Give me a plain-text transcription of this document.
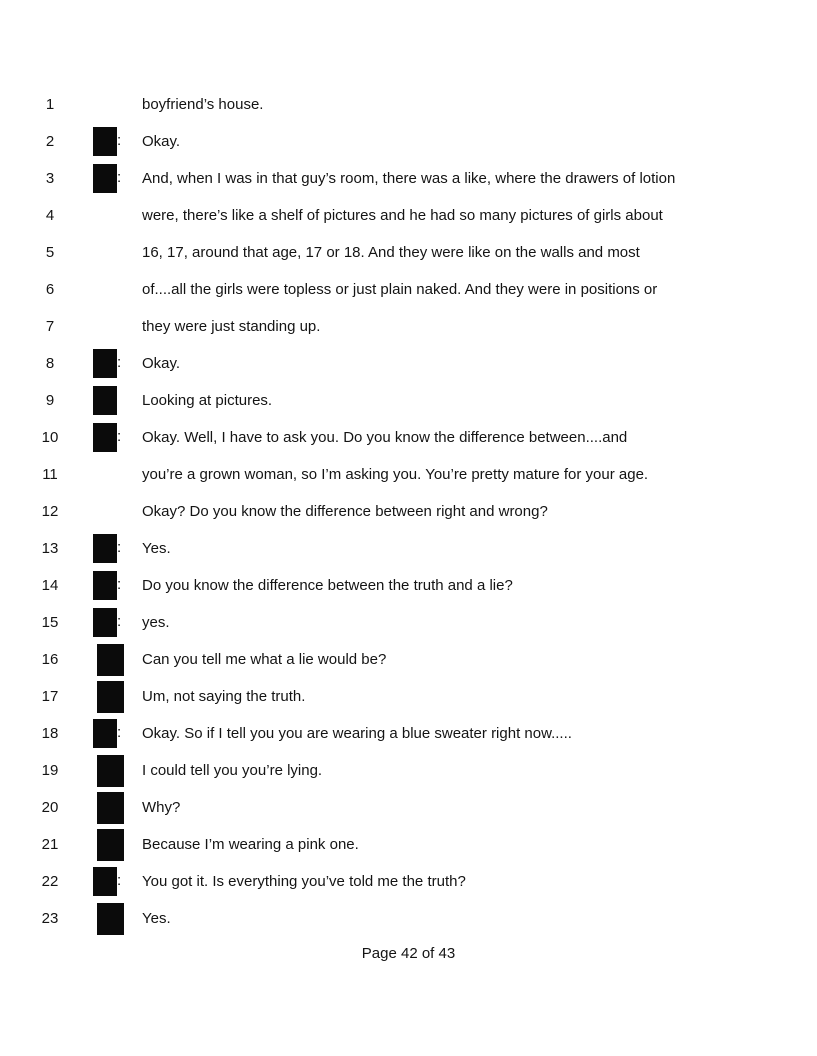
1	boyfriend’s house.
2	: Okay.
3	: And, when I was in that guy’s room, there was a like, where the drawers of lotion
4	were, there’s like a shelf of pictures and he had so many pictures of girls about
5	16, 17, around that age, 17 or 18. And they were like on the walls and most
6	of....all the girls were topless or just plain naked. And they were in positions or
7	they were just standing up.
8	: Okay.
9	Looking at pictures.
10	: Okay. Well, I have to ask you. Do you know the difference between....and
11	you’re a grown woman, so I’m asking you. You’re pretty mature for your age.
12	Okay? Do you know the difference between right and wrong?
13	: Yes.
14	: Do you know the difference between the truth and a lie?
15	: yes.
16	Can you tell me what a lie would be?
17	Um, not saying the truth.
18	: Okay. So if I tell you you are wearing a blue sweater right now.....
19	I could tell you you’re lying.
20	Why?
21	Because I’m wearing a pink one.
22	: You got it. Is everything you’ve told me the truth?
23	Yes.
Page 42 of 43
